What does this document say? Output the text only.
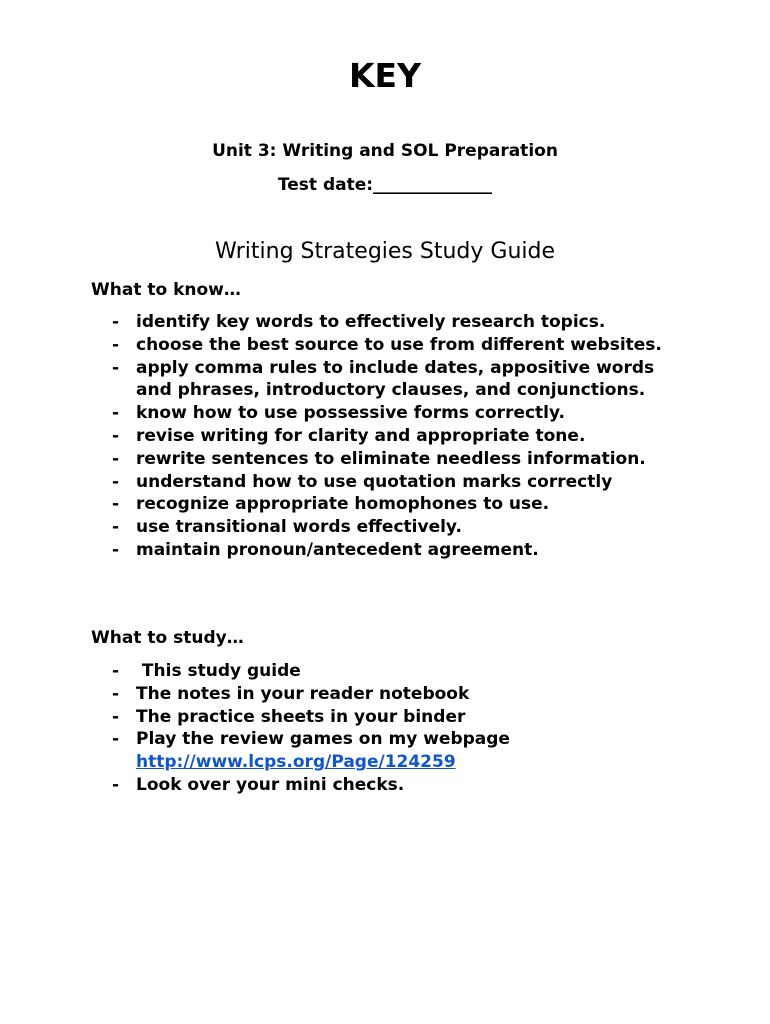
KEY
Unit 3: Writing and SOL Preparation
Test date:______________
Writing Strategies Study Guide
What to know…
- identify key words to effectively research topics.
- choose the best source to use from different websites.
- apply comma rules to include dates, appositive words and phrases, introductory clauses, and conjunctions.
- know how to use possessive forms correctly.
- revise writing for clarity and appropriate tone.
- rewrite sentences to eliminate needless information.
- understand how to use quotation marks correctly
- recognize appropriate homophones to use.
- use transitional words effectively.
- maintain pronoun/antecedent agreement.
What to study…
- This study guide
- The notes in your reader notebook
- The practice sheets in your binder
- Play the review games on my webpage
http://www.lcps.org/Page/124259
- Look over your mini checks.
